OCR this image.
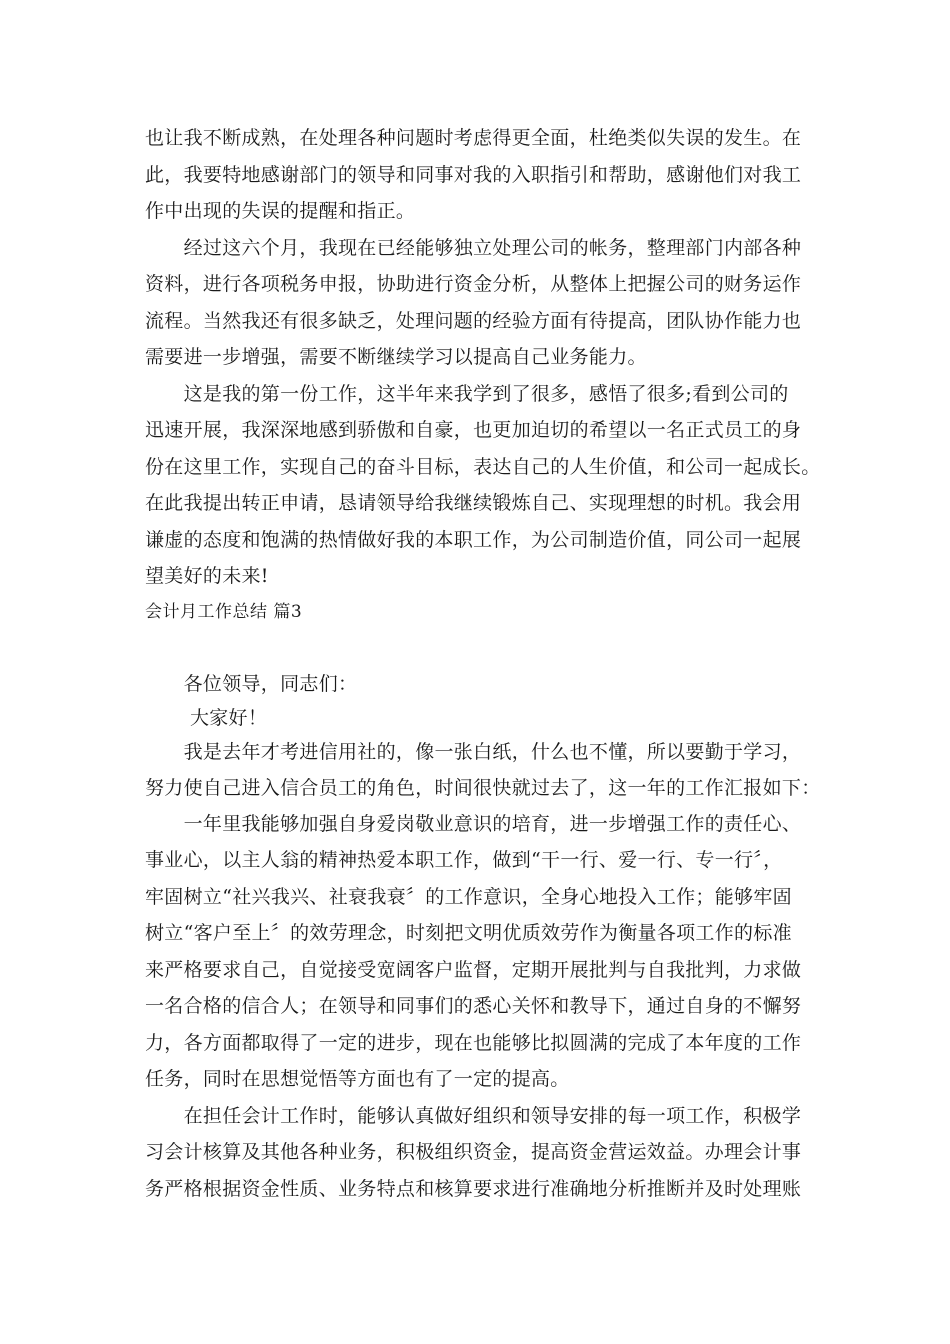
也让我不断成熟，在处理各种问题时考虑得更全面，杜绝类似失误的发生。在
此，我要特地感谢部门的领导和同事对我的入职指引和帮助，感谢他们对我工
作中出现的失误的提醒和指正。
　　经过这六个月，我现在已经能够独立处理公司的帐务，整理部门内部各种
资料，进行各项税务申报，协助进行资金分析，从整体上把握公司的财务运作
流程。当然我还有很多缺乏，处理问题的经验方面有待提高，团队协作能力也
需要进一步增强，需要不断继续学习以提高自己业务能力。
　　这是我的第一份工作，这半年来我学到了很多，感悟了很多;看到公司的
迅速开展，我深深地感到骄傲和自豪，也更加迫切的希望以一名正式员工的身
份在这里工作，实现自己的奋斗目标，表达自己的人生价值，和公司一起成长。
在此我提出转正申请，恳请领导给我继续锻炼自己、实现理想的时机。我会用
谦虚的态度和饱满的热情做好我的本职工作，为公司制造价值，同公司一起展
望美好的未来!
会计月工作总结 篇3
　　各位领导，同志们：
　　 大家好！
　　我是去年才考进信用社的，像一张白纸，什么也不懂，所以要勤于学习，
努力使自己进入信合员工的角色，时间很快就过去了，这一年的工作汇报如下：
　　一年里我能够加强自身爱岗敬业意识的培育，进一步增强工作的责任心、
事业心，以主人翁的精神热爱本职工作，做到“干一行、爱一行、专一行〞，
牢固树立“社兴我兴、社衰我衰〞的工作意识，全身心地投入工作；能够牢固
树立“客户至上〞的效劳理念，时刻把文明优质效劳作为衡量各项工作的标准
来严格要求自己，自觉接受宽阔客户监督，定期开展批判与自我批判，力求做
一名合格的信合人；在领导和同事们的悉心关怀和教导下，通过自身的不懈努
力，各方面都取得了一定的进步，现在也能够比拟圆满的完成了本年度的工作
任务，同时在思想觉悟等方面也有了一定的提高。
　　在担任会计工作时，能够认真做好组织和领导安排的每一项工作，积极学
习会计核算及其他各种业务，积极组织资金，提高资金营运效益。办理会计事
务严格根据资金性质、业务特点和核算要求进行准确地分析推断并及时处理账
